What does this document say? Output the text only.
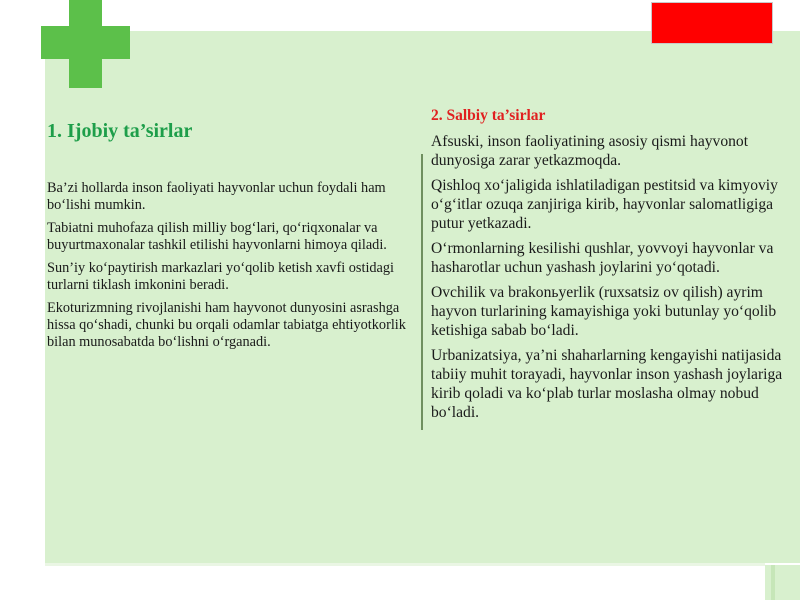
1. Ijobiy ta’sirlar

Ba’zi hollarda inson faoliyati hayvonlar uchun foydali ham bo‘lishi mumkin.

Tabiatni muhofaza qilish milliy bog‘lari, qo‘riqxonalar va buyurtmaxonalar tashkil etilishi hayvonlarni himoya qiladi.

Sun’iy ko‘paytirish markazlari yo‘qolib ketish xavfi ostidagi turlarni tiklash imkonini beradi.

Ekoturizmning rivojlanishi ham hayvonot dunyosini asrashga hissa qo‘shadi, chunki bu orqali odamlar tabiatga ehtiyotkorlik bilan munosabatda bo‘lishni o‘rganadi.

2. Salbiy ta’sirlar

Afsuski, inson faoliyatining asosiy qismi hayvonot dunyosiga zarar yetkazmoqda.

Qishloq xo‘jaligida ishlatiladigan pestitsid va kimyoviy o‘g‘itlar ozuqa zanjiriga kirib, hayvonlar salomatligiga putur yetkazadi.

O‘rmonlarning kesilishi qushlar, yovvoyi hayvonlar va hasharotlar uchun yashash joylarini yo‘qotadi.

Ovchilik va brakonьyerlik (ruxsatsiz ov qilish) ayrim hayvon turlarining kamayishiga yoki butunlay yo‘qolib ketishiga sabab bo‘ladi.

Urbanizatsiya, ya’ni shaharlarning kengayishi natijasida tabiiy muhit torayadi, hayvonlar inson yashash joylariga kirib qoladi va ko‘plab turlar moslasha olmay nobud bo‘ladi.
